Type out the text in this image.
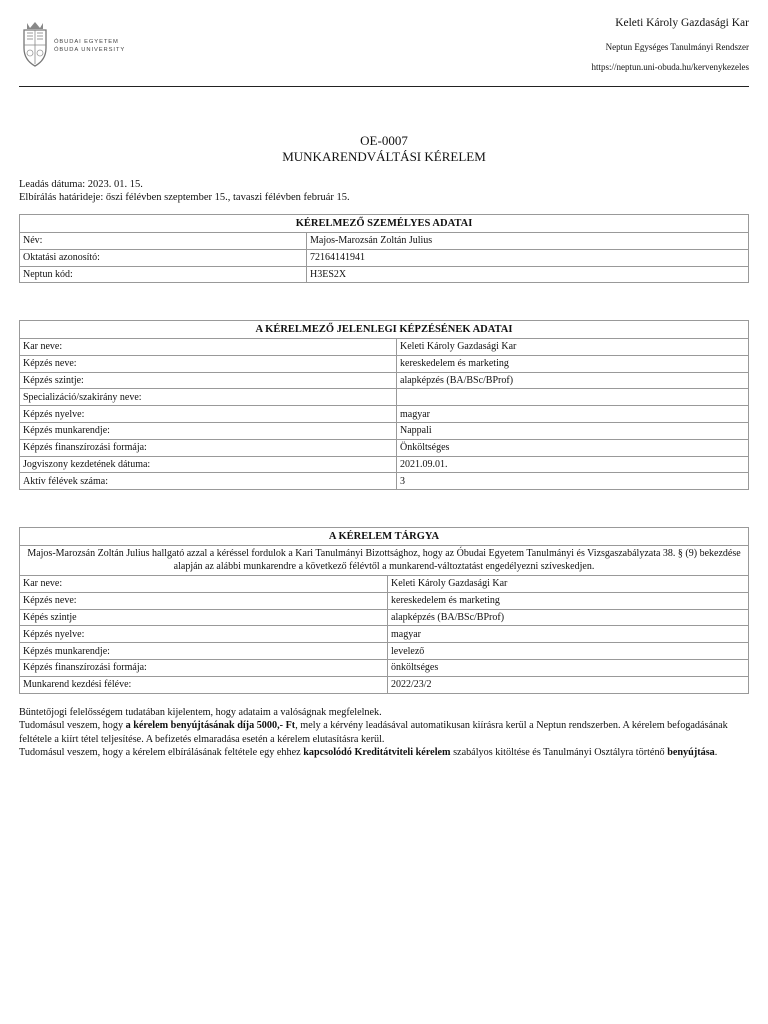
ÓBUDAI EGYETEM
ÓBUDA UNIVERSITY
Keleti Károly Gazdasági Kar
Neptun Egységes Tanulmányi Rendszer
https://neptun.uni-obuda.hu/kervenykezeles
OE-0007
MUNKARENDVÁLTÁSI KÉRELEM
Leadás dátuma: 2023. 01. 15.
Elbírálás határideje: őszi félévben szeptember 15., tavaszi félévben február 15.
KÉRELMEZŐ SZEMÉLYES ADATAI	
Név:	Majos-Marozsán Zoltán Julius
Oktatási azonosító:	72164141941
Neptun kód:	H3ES2X
A KÉRELMEZŐ JELENLEGI KÉPZÉSÉNEK ADATAI	
Kar neve:	Keleti Károly Gazdasági Kar
Képzés neve:	kereskedelem és marketing
Képzés szintje:	alapképzés (BA/BSc/BProf)
Specializáció/szakirány neve:	
Képzés nyelve:	magyar
Képzés munkarendje:	Nappali
Képzés finanszírozási formája:	Önköltséges
Jogviszony kezdetének dátuma:	2021.09.01.
Aktív félévek száma:	3
A KÉRELEM TÁRGYA	
Majos-Marozsán Zoltán Julius hallgató azzal a kéréssel fordulok a Kari Tanulmányi Bizottsághoz, hogy az Óbudai Egyetem Tanulmányi és Vizsgaszabályzata 38. § (9) bekezdése alapján az alábbi munkarendre a következő félévtől a munkarend-változtatást engedélyezni szíveskedjen.	
Kar neve:	Keleti Károly Gazdasági Kar
Képzés neve:	kereskedelem és marketing
Képés szintje	alapképzés (BA/BSc/BProf)
Képzés nyelve:	magyar
Képzés munkarendje:	levelező
Képzés finanszírozási formája:	önköltséges
Munkarend kezdési féléve:	2022/23/2

Büntetőjogi felelősségem tudatában kijelentem, hogy adataim a valóságnak megfelelnek.

Tudomásul veszem, hogy a kérelem benyújtásának díja 5000,- Ft, mely a kérvény leadásával automatikusan kiírásra kerül a Neptun rendszerben. A kérelem befogadásának feltétele a kiírt tétel teljesítése. A befizetés elmaradása esetén a kérelem elutasításra kerül.

Tudomásul veszem, hogy a kérelem elbírálásának feltétele egy ehhez kapcsolódó Kreditátviteli kérelem szabályos kitöltése és Tanulmányi Osztályra történő benyújtása.
